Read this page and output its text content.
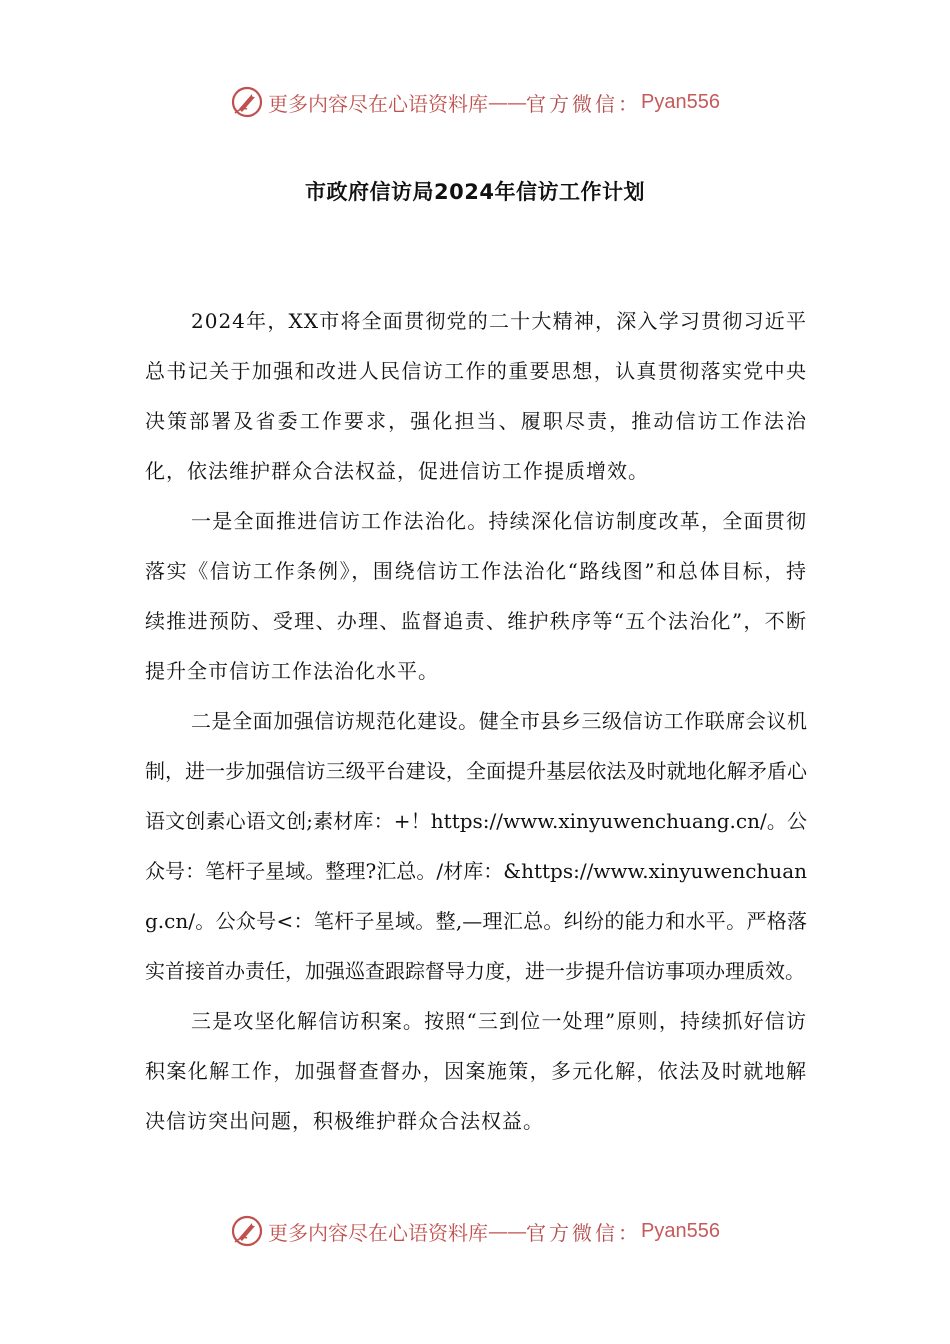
更多内容尽在心语资料库 —— 官方微信： Pyan556
市政府信访局2024年信访工作计划

2024年，XX市将全面贯彻党的二十大精神，深入学习贯彻习近平总书记关于加强和改进人民信访工作的重要思想，认真贯彻落实党中央决策部署及省委工作要求，强化担当、履职尽责，推动信访工作法治化，依法维护群众合法权益，促进信访工作提质增效。

一是全面推进信访工作法治化。持续深化信访制度改革，全面贯彻落实《信访工作条例》，围绕信访工作法治化“路线图”和总体目标，持续推进预防、受理、办理、监督追责、维护秩序等“五个法治化”，不断提升全市信访工作法治化水平。

二是全面加强信访规范化建设。健全市县乡三级信访工作联席会议机制，进一步加强信访三级平台建设，全面提升基层依法及时就地化解矛盾心语文创素心语文创;素材库：+！https://www.xinyuwenchuang.cn/。公众号：笔杆子星域。整理?汇总。/材库：&https://www.xinyuwenchuang.cn/。公众号<：笔杆子星域。整,—理汇总。纠纷的能力和水平。严格落实首接首办责任，加强巡查跟踪督导力度，进一步提升信访事项办理质效。

三是攻坚化解信访积案。按照“三到位一处理”原则，持续抓好信访积案化解工作，加强督查督办，因案施策，多元化解，依法及时就地解决信访突出问题，积极维护群众合法权益。

更多内容尽在心语资料库 —— 官方微信： Pyan556
